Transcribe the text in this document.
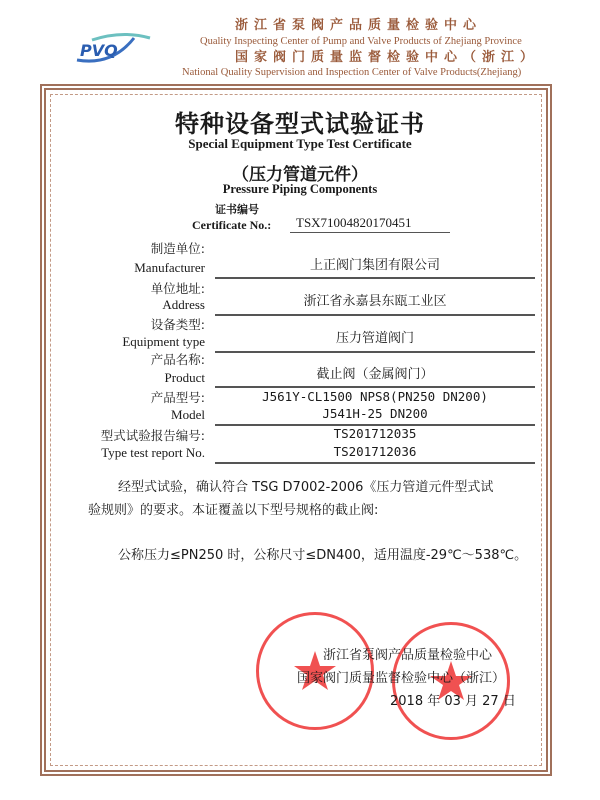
PVQ
浙江省泵阀产品质量检验中心
Quality Inspecting Center of Pump and Valve Products of Zhejiang Province
国家阀门质量监督检验中心（浙江）
National Quality Supervision and Inspection Center of Valve Products(Zhejiang)
特种设备型式试验证书
Special Equipment Type Test Certificate
（压力管道元件）
Pressure Piping Components
证书编号
Certificate No.: TSX71004820170451
制造单位:
Manufacturer	上正阀门集团有限公司
单位地址:
Address	浙江省永嘉县东瓯工业区
设备类型:
Equipment type	压力管道阀门
产品名称:
Product	截止阀（金属阀门）
产品型号:
Model
J561Y-CL1500 NPS8(PN250 DN200)
J541H-25 DN200
型式试验报告编号:
Type test report No.
TS201712035
TS201712036
经型式试验，确认符合 TSG D7002-2006《压力管道元件型式试
验规则》的要求。本证覆盖以下型号规格的截止阀:
公称压力≤PN250 时，公称尺寸≤DN400，适用温度-29℃～538℃。
浙江省泵阀产品质量检验中心
国家阀门质量监督检验中心（浙江）
2018 年 03 月 27 日
